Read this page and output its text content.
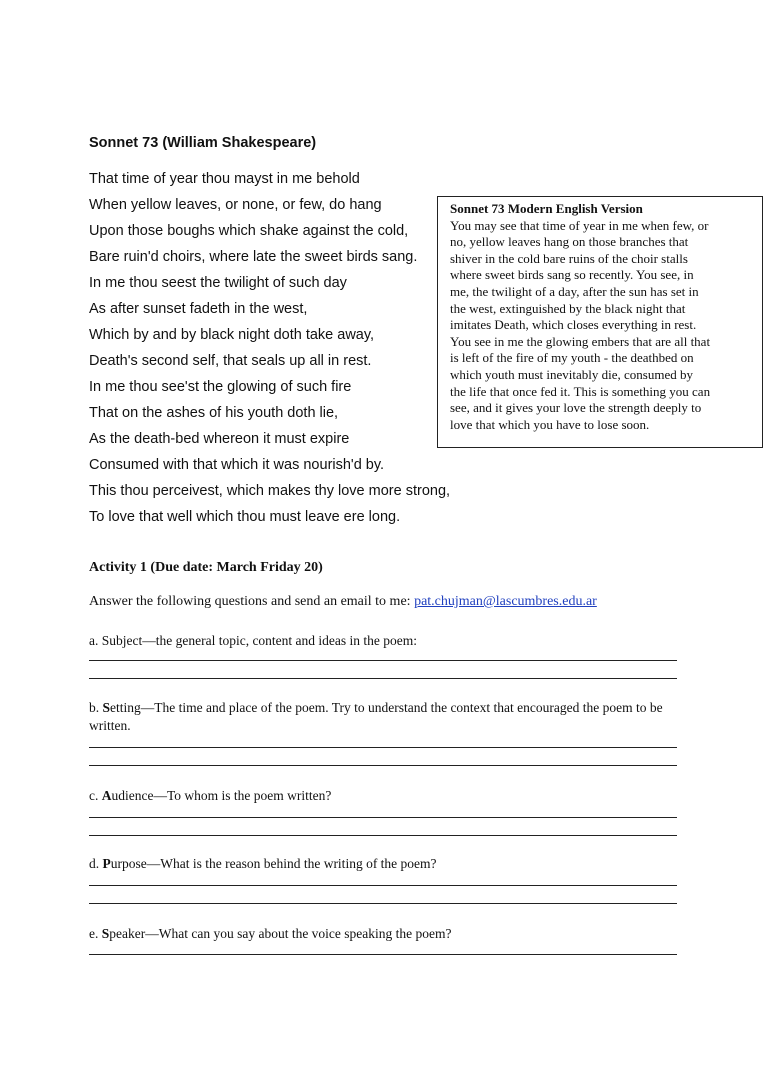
Sonnet 73 (William Shakespeare)
That time of year thou mayst in me behold
When yellow leaves, or none, or few, do hang
Upon those boughs which shake against the cold,
Bare ruin'd choirs, where late the sweet birds sang.
In me thou seest the twilight of such day
As after sunset fadeth in the west,
Which by and by black night doth take away,
Death's second self, that seals up all in rest.
In me thou see'st the glowing of such fire
That on the ashes of his youth doth lie,
As the death-bed whereon it must expire
Consumed with that which it was nourish'd by.
This thou perceivest, which makes thy love more strong,
To love that well which thou must leave ere long.
Sonnet 73 Modern English Version
You may see that time of year in me when few, or
no, yellow leaves hang on those branches that
shiver in the cold bare ruins of the choir stalls
where sweet birds sang so recently. You see, in
me, the twilight of a day, after the sun has set in
the west, extinguished by the black night that
imitates Death, which closes everything in rest.
You see in me the glowing embers that are all that
is left of the fire of my youth - the deathbed on
which youth must inevitably die, consumed by
the life that once fed it. This is something you can
see, and it gives your love the strength deeply to
love that which you have to lose soon.
Activity 1 (Due date: March Friday 20)
Answer the following questions and send an email to me: pat.chujman@lascumbres.edu.ar
a. Subject—the general topic, content and ideas in the poem:
b. Setting—The time and place of the poem. Try to understand the context that encouraged the poem to be written.
c. Audience—To whom is the poem written?
d. Purpose—What is the reason behind the writing of the poem?
e. Speaker—What can you say about the voice speaking the poem?
